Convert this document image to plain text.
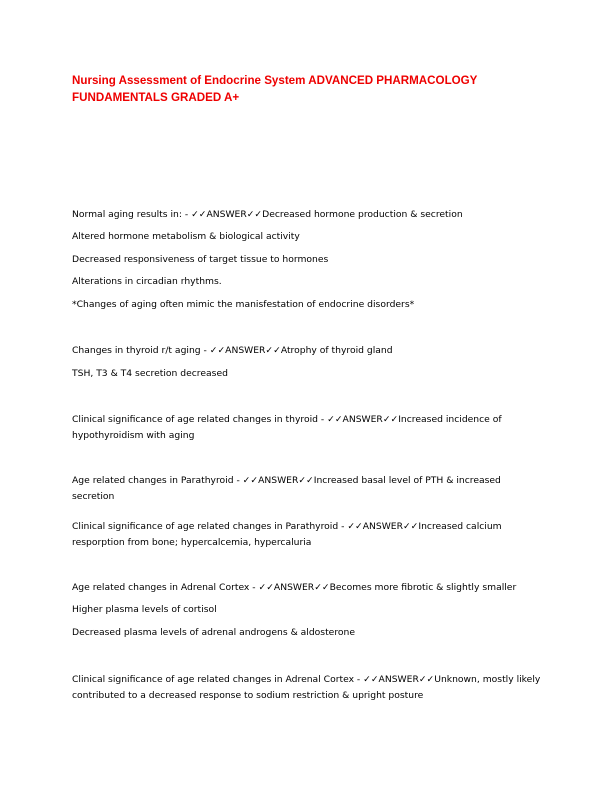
Nursing Assessment of Endocrine System ADVANCED PHARMACOLOGY FUNDAMENTALS GRADED A+

Normal aging results in: - ✓✓ANSWER✓✓Decreased hormone production & secretion

Altered hormone metabolism & biological activity

Decreased responsiveness of target tissue to hormones

Alterations in circadian rhythms.

*Changes of aging often mimic the manisfestation of endocrine disorders*

Changes in thyroid r/t aging - ✓✓ANSWER✓✓Atrophy of thyroid gland

TSH, T3 & T4 secretion decreased

Clinical significance of age related changes in thyroid - ✓✓ANSWER✓✓Increased incidence of hypothyroidism with aging

Age related changes in Parathyroid - ✓✓ANSWER✓✓Increased basal level of PTH & increased secretion

Clinical significance of age related changes in Parathyroid - ✓✓ANSWER✓✓Increased calcium resporption from bone; hypercalcemia, hypercaluria

Age related changes in Adrenal Cortex - ✓✓ANSWER✓✓Becomes more fibrotic & slightly smaller

Higher plasma levels of cortisol

Decreased plasma levels of adrenal androgens & aldosterone

Clinical significance of age related changes in Adrenal Cortex - ✓✓ANSWER✓✓Unknown, mostly likely contributed to a decreased response to sodium restriction & upright posture
